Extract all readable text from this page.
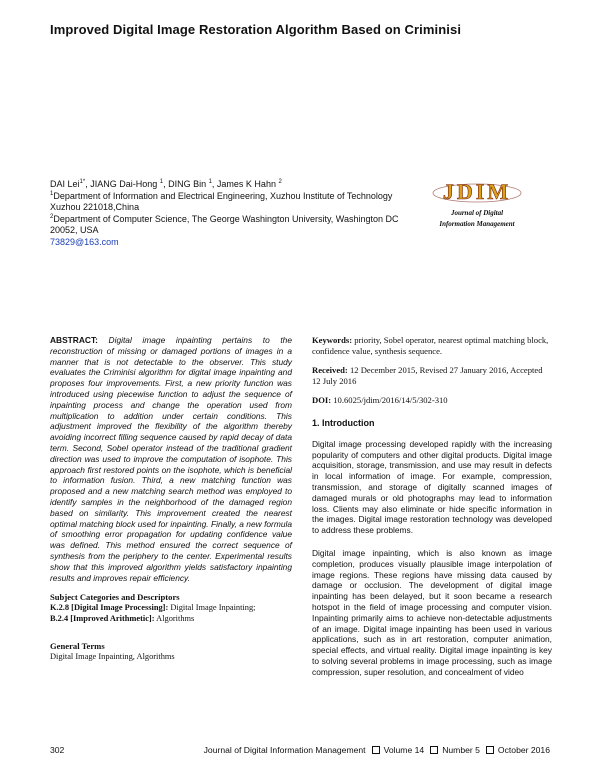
Improved Digital Image Restoration Algorithm Based on Criminisi
DAI Lei$^{1*}$, JIANG Dai-Hong $^1$, DING Bin $^1$, James K Hahn $^2$
$^1$Department of Information and Electrical Engineering, Xuzhou Institute of Technology Xuzhou 221018,China
$^2$Department of Computer Science, The George Washington University, Washington DC 20052, USA
73829@163.com
JDIM
Journal of Digital
Information Management

ABSTRACT: Digital image inpainting pertains to the reconstruction of missing or damaged portions of images in a manner that is not detectable to the observer. This study evaluates the Criminisi algorithm for digital image inpainting and proposes four improvements. First, a new priority function was introduced using piecewise function to adjust the sequence of inpainting process and change the operation used from multiplication to addition under certain conditions. This adjustment improved the flexibility of the algorithm thereby avoiding incorrect filling sequence caused by rapid decay of data term. Second, Sobel operator instead of the traditional gradient direction was used to improve the computation of isophote. This approach first restored points on the isophote, which is beneficial to information fusion. Third, a new matching function was proposed and a new matching search method was employed to identify samples in the neighborhood of the damaged region based on similarity. This improvement created the nearest optimal matching block used for inpainting. Finally, a new formula of smoothing error propagation for updating confidence value was defined. This method ensured the correct sequence of synthesis from the periphery to the center. Experimental results show that this improved algorithm yields satisfactory inpainting results and improves repair efficiency.

Subject Categories and Descriptors
K.2.8 [Digital Image Processing]: Digital Image Inpainting;
B.2.4 [Improved Arithmetic]: Algorithms
General Terms
Digital Image Inpainting, Algorithms

Keywords: priority, Sobel operator, nearest optimal matching block, confidence value, synthesis sequence.

Received: 12 December 2015, Revised 27 January 2016, Accepted 12 July 2016

DOI: 10.6025/jdim/2016/14/5/302-310

1. Introduction

Digital image processing developed rapidly with the increasing popularity of computers and other digital products. Digital image acquisition, storage, transmission, and use may result in defects in local information of image. For example, compression, transmission, and storage of digitally scanned images of damaged murals or old photographs may lead to information loss. Clients may also eliminate or hide specific information in the images. Digital image restoration technology was developed to address these problems.

Digital image inpainting, which is also known as image completion, produces visually plausible image interpolation of image regions. These regions have missing data caused by damage or occlusion. The development of digital image inpainting has been delayed, but it soon became a research hotspot in the field of image processing and computer vision. Inpainting primarily aims to achieve non-detectable adjustments of an image. Digital image inpainting has been used in various applications, such as in art restoration, computer animation, special effects, and virtual reality. Digital image inpainting is key to solving several problems in image processing, such as image compression, super resolution, and concealment of video

302	Journal of Digital Information Management Volume 14 Number 5 October 2016
